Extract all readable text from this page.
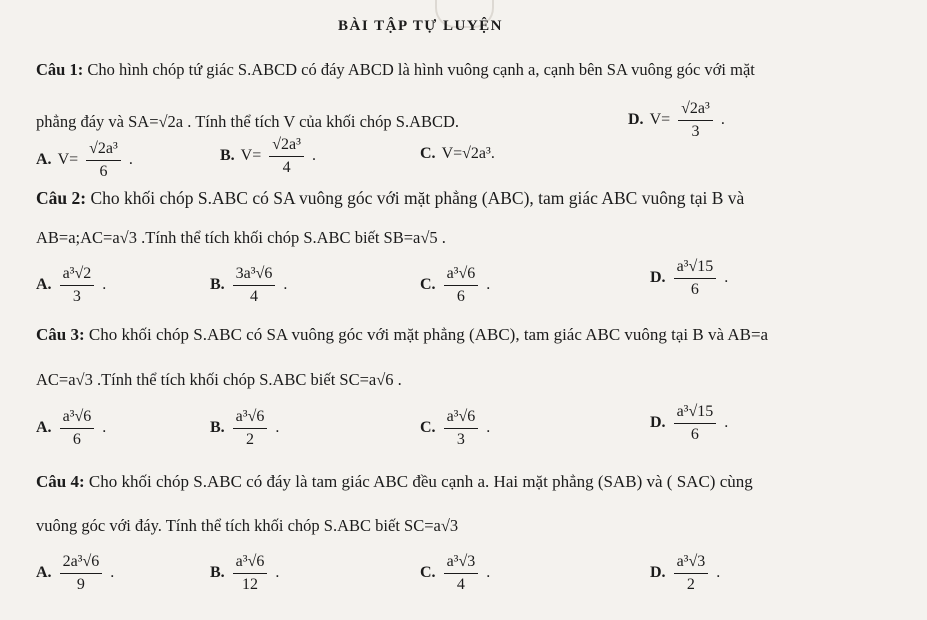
BÀI TẬP TỰ LUYỆN
Câu 1: Cho hình chóp tứ giác S.ABCD có đáy ABCD là hình vuông cạnh a, cạnh bên SA vuông góc với mặt
phẳng đáy và SA=√2a . Tính thể tích V của khối chóp S.ABCD.
A. $V= \frac{\text{√2a³}}{6}$ .	B. $V= \frac{\text{√2a³}}{4}$ .	C. V=√2a³.
D. $V= \frac{\text{√2a³}}{3}$ .
Câu 2: Cho khối chóp S.ABC có SA vuông góc với mặt phẳng (ABC), tam giác ABC vuông tại B và
AB=a;AC=a√3 .Tính thể tích khối chóp S.ABC biết SB=a√5 .
A. $\frac{\text{a³√2}}{3}$ .	B. $\frac{\text{3a³√6}}{4}$ .	C. $\frac{\text{a³√6}}{6}$ .	D. $\frac{\text{a³√15}}{6}$ .
Câu 3: Cho khối chóp S.ABC có SA vuông góc với mặt phẳng (ABC), tam giác ABC vuông tại B và AB=a
AC=a√3 .Tính thể tích khối chóp S.ABC biết SC=a√6 .
A. $\frac{\text{a³√6}}{6}$ .	B. $\frac{\text{a³√6}}{2}$ .	C. $\frac{\text{a³√6}}{3}$ .	D. $\frac{\text{a³√15}}{6}$ .
Câu 4: Cho khối chóp S.ABC có đáy là tam giác ABC đều cạnh a. Hai mặt phẳng (SAB) và ( SAC) cùng
vuông góc với đáy. Tính thể tích khối chóp S.ABC biết SC=a√3
A. $\frac{\text{2a³√6}}{9}$ .	B. $\frac{\text{a³√6}}{12}$ .	C. $\frac{\text{a³√3}}{4}$ .	D. $\frac{\text{a³√3}}{2}$ .
